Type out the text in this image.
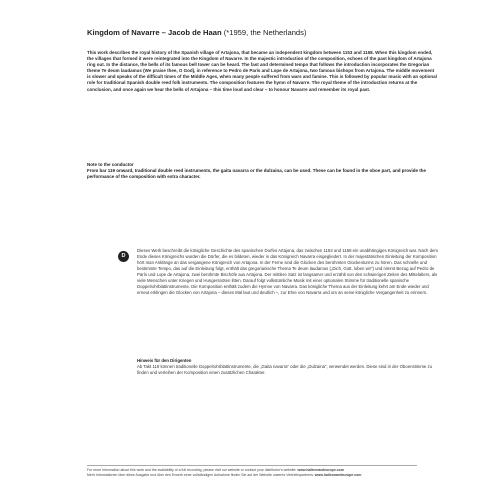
Kingdom of Navarre – Jacob de Haan (*1959, the Netherlands)

This work describes the royal history of the Spanish village of Artajona, that became an independent kingdom between 1153 and 1158. When this kingdom ended, the villages that formed it were reintegrated into the Kingdom of Navarre. In the majestic introduction of the composition, echoes of the past kingdom of Artajona ring out. In the distance, the bells of its famous bell tower can be heard. The fast and determined tempo that follows the introduction incorporates the Gregorian theme Te deum laudamus (We praise thee, O God), in reference to Pedro de París and Lope de Artajona, two famous bishops from Artajona. The middle movement is slower and speaks of the difficult times of the Middle Ages, when many people suffered from wars and famine. This is followed by popular music with an optional role for traditional Spanish double reed folk instruments. The composition features the hymn of Navarre. The royal theme of the introduction returns at the conclusion, and once again we hear the bells of Artajona – this time loud and clear – to honour Navarre and remember its royal past.

Note to the conductor

From bar 119 onward, traditional double reed instruments, the gaita navarra or the dulzaina, can be used. These can be found in the oboe part, and provide the performance of the composition with extra character.

D

Dieses Werk beschreibt die königliche Geschichte des spanischen Dorfes Artajona, das zwischen 1153 und 1158 ein unabhängiges Königreich war. Nach dem Ende dieses Königreichs wurden die Dörfer, die es bildeten, wieder in das Königreich Navarra eingegliedert. In der majestätischen Einleitung der Komposition hört man Anklänge an das vergangene Königreich von Artajona. In der Ferne sind die Glocken des berühmten Glockenturms zu hören. Das schnelle und bestimmte Tempo, das auf die Einleitung folgt, enthält das gregorianische Thema Te deum laudamus („Dich, Gott, loben wir“) und nimmt Bezug auf Pedro de París und Lope de Artajona, zwei berühmte Bischöfe aus Artajona. Der mittlere Satz ist langsamer und erzählt von den schwierigen Zeiten des Mittelalters, als viele Menschen unter Kriegen und Hungersnöten litten. Darauf folgt volkstümliche Musik mit einer optionalen Stimme für traditionelle spanische Doppelrohrblattinstrumente. Die Komposition enthält zudem die Hymne von Navarra. Das königliche Thema aus der Einleitung kehrt am Ende wieder und erneut erklingen die Glocken von Artajona – dieses Mal laut und deutlich –, zur Ehre von Navarra und um an seine königliche Vergangenheit zu erinnern.

Hinweis für den Dirigenten

Ab Takt 119 können traditionelle Doppelrohrblattinstrumente, die „Gaita navarra“ oder die „Dulzaina“, verwendet werden. Diese sind in der Oboenstimme zu finden und verleihen der Komposition einen zusätzlichen Charakter.

For more information about this work and the availability of a full recording, please visit our website or contact your distributor's website: www.halleonardeurope.com
Mehr Informationen über diese Ausgabe und über den Erwerb einer vollständigen Aufnahme finden Sie auf der Website unseres Vertriebspartners: www.halleonardeurope.com
